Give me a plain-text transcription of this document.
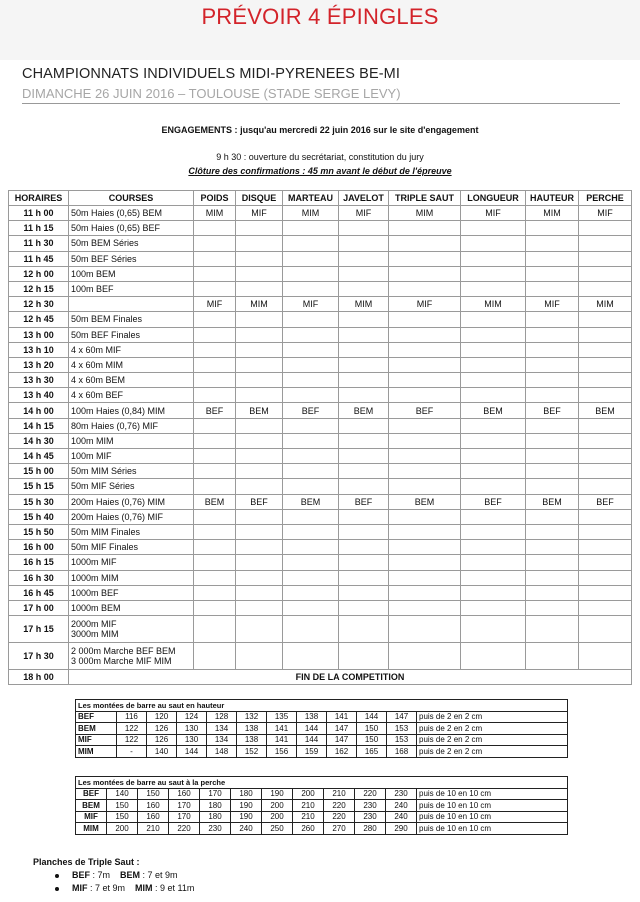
PRÉVOIR 4 ÉPINGLES
CHAMPIONNATS INDIVIDUELS MIDI-PYRENEES BE-MI
DIMANCHE 26 JUIN 2016 – TOULOUSE (STADE SERGE LEVY)
ENGAGEMENTS : jusqu'au mercredi 22 juin 2016 sur le site d'engagement
9 h 30 : ouverture du secrétariat, constitution du jury
Clôture des confirmations : 45 mn avant le début de l'épreuve
HORAIRES	COURSES	POIDS	DISQUE	MARTEAU	JAVELOT	TRIPLE SAUT	LONGUEUR	HAUTEUR	PERCHE
11 h 00	50m Haies (0,65) BEM	MIM	MIF	MIM	MIF	MIM	MIF	MIM	MIF
11 h 15	50m Haies (0,65) BEF								
11 h 30	50m BEM Séries								
11 h 45	50m BEF Séries								
12 h 00	100m BEM								
12 h 15	100m BEF								
12 h 30		MIF	MIM	MIF	MIM	MIF	MIM	MIF	MIM
12 h 45	50m BEM Finales								
13 h 00	50m BEF Finales								
13 h 10	4 x 60m MIF								
13 h 20	4 x 60m MIM								
13 h 30	4 x 60m BEM								
13 h 40	4 x 60m BEF								
14 h 00	100m Haies (0,84) MIM	BEF	BEM	BEF	BEM	BEF	BEM	BEF	BEM
14 h 15	80m Haies (0,76) MIF								
14 h 30	100m MIM								
14 h 45	100m MIF								
15 h 00	50m MIM Séries								
15 h 15	50m MIF Séries								
15 h 30	200m Haies (0,76) MIM	BEM	BEF	BEM	BEF	BEM	BEF	BEM	BEF
15 h 40	200m Haies (0,76) MIF								
15 h 50	50m MIM Finales								
16 h 00	50m MIF Finales								
16 h 15	1000m MIF								
16 h 30	1000m MIM								
16 h 45	1000m BEF								
17 h 00	1000m BEM								
17 h 15	2000m MIF
3000m MIM								

17 h 30	2 000m Marche BEF BEM
3 000m Marche MIF MIM								

18 h 00	FIN DE LA COMPETITION								
Les montées de barre au saut en hauteur											
BEF	116	120	124	128	132	135	138	141	144	147	puis de 2 en 2 cm
BEM	122	126	130	134	138	141	144	147	150	153	puis de 2 en 2 cm
MIF	122	126	130	134	138	141	144	147	150	153	puis de 2 en 2 cm
MIM	-	140	144	148	152	156	159	162	165	168	puis de 2 en 2 cm
Les montées de barre au saut à la perche											
BEF	140	150	160	170	180	190	200	210	220	230	puis de 10 en 10 cm
BEM	150	160	170	180	190	200	210	220	230	240	puis de 10 en 10 cm
MIF	150	160	170	180	190	200	210	220	230	240	puis de 10 en 10 cm
MIM	200	210	220	230	240	250	260	270	280	290	puis de 10 en 10 cm
Planches de Triple Saut :
BEF : 7m BEM : 7 et 9m
MIF : 7 et 9m MIM : 9 et 11m
